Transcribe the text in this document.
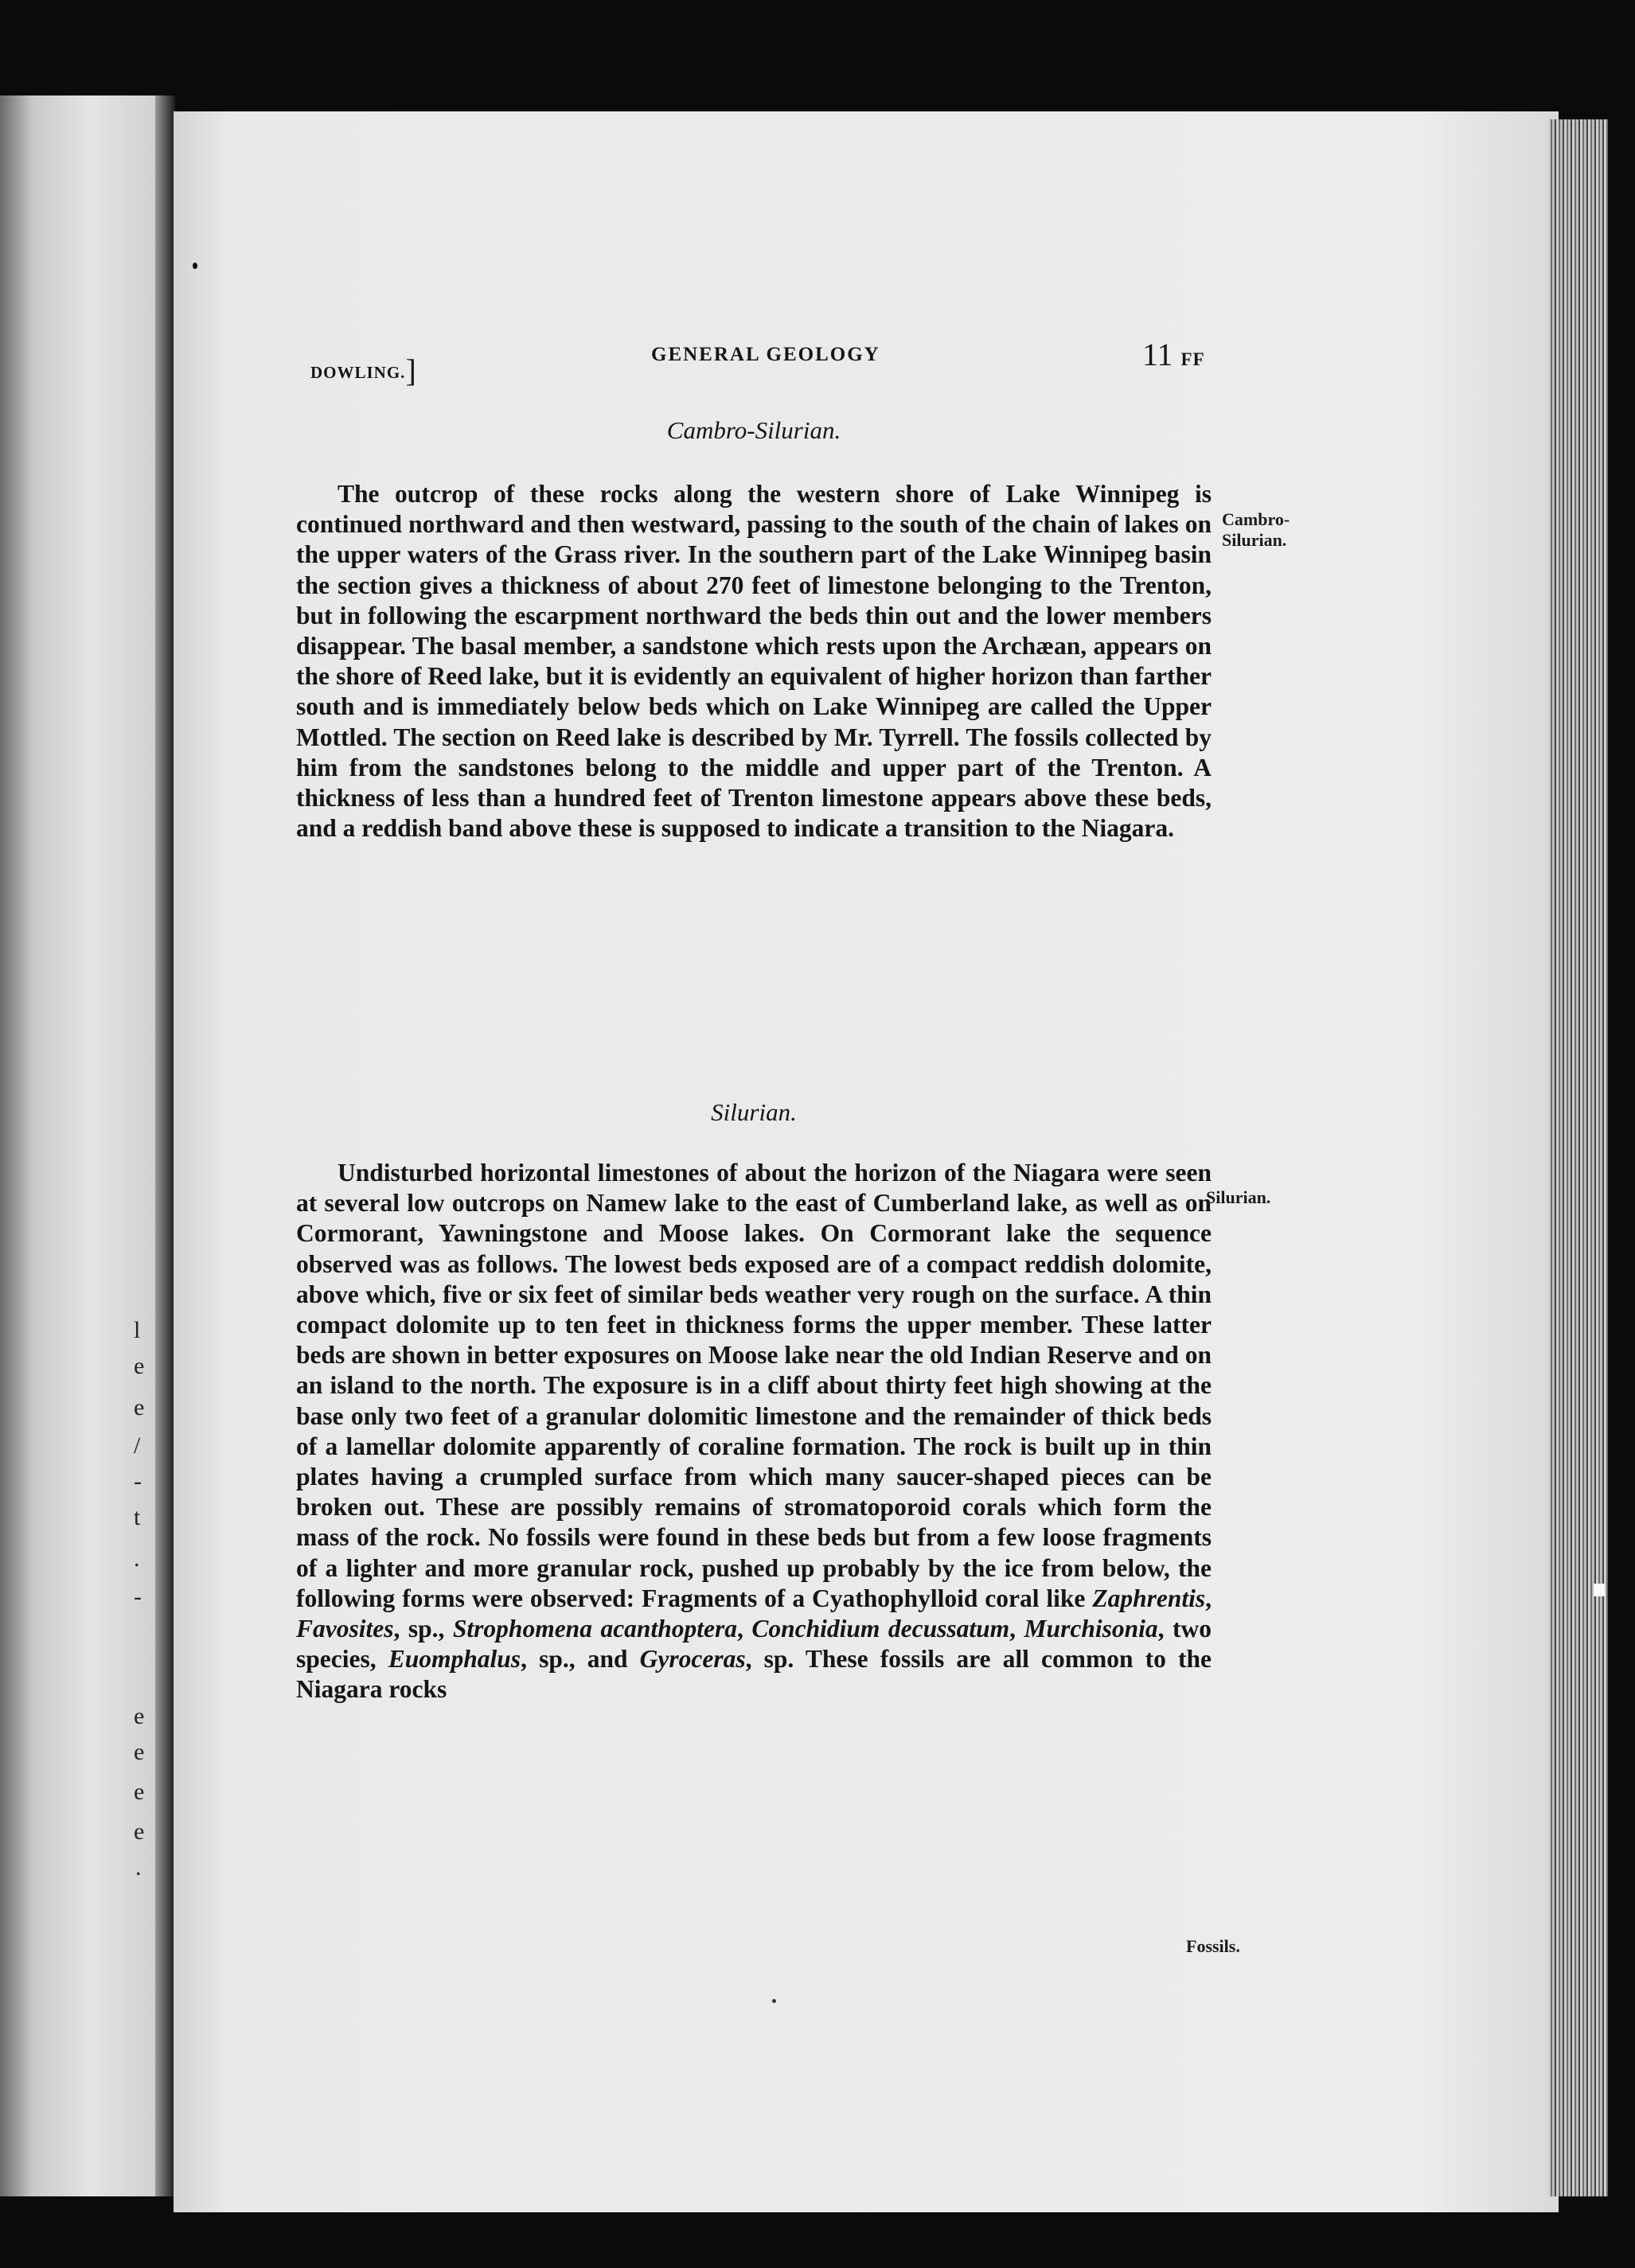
l
e
e
/
-
t
.
-
e
e
e
e
.
DOWLING.]	GENERAL GEOLOGY	11 FF
Cambro-Silurian.

The outcrop of these rocks along the western shore of Lake Winnipeg is continued northward and then westward, passing to the south of the chain of lakes on the upper waters of the Grass river. In the southern part of the Lake Winnipeg basin the section gives a thickness of about 270 feet of limestone belonging to the Trenton, but in following the escarpment northward the beds thin out and the lower members disappear. The basal member, a sandstone which rests upon the Archæan, appears on the shore of Reed lake, but it is evidently an equivalent of higher horizon than farther south and is immediately below beds which on Lake Winnipeg are called the Upper Mottled. The section on Reed lake is described by Mr. Tyrrell. The fossils collected by him from the sandstones belong to the middle and upper part of the Trenton. A thickness of less than a hundred feet of Trenton limestone appears above these beds, and a reddish band above these is supposed to indicate a transition to the Niagara.

Cambro-Silurian.
Silurian.

Undisturbed horizontal limestones of about the horizon of the Niagara were seen at several low outcrops on Namew lake to the east of Cumberland lake, as well as on Cormorant, Yawningstone and Moose lakes. On Cormorant lake the sequence observed was as follows. The lowest beds exposed are of a compact reddish dolomite, above which, five or six feet of similar beds weather very rough on the surface. A thin compact dolomite up to ten feet in thickness forms the upper member. These latter beds are shown in better exposures on Moose lake near the old Indian Reserve and on an island to the north. The exposure is in a cliff about thirty feet high showing at the base only two feet of a granular dolomitic limestone and the remainder of thick beds of a lamellar dolomite apparently of coraline formation. The rock is built up in thin plates having a crumpled surface from which many saucer-shaped pieces can be broken out. These are possibly remains of stromatoporoid corals which form the mass of the rock. No fossils were found in these beds but from a few loose fragments of a lighter and more granular rock, pushed up probably by the ice from below, the following forms were observed: Fragments of a Cyathophylloid coral like Zaphrentis, Favosites, sp., Strophomena acanthoptera, Conchidium decussatum, Murchisonia, two species, Euomphalus, sp., and Gyroceras, sp. These fossils are all common to the Niagara rocks

Silurian.
Fossils.
